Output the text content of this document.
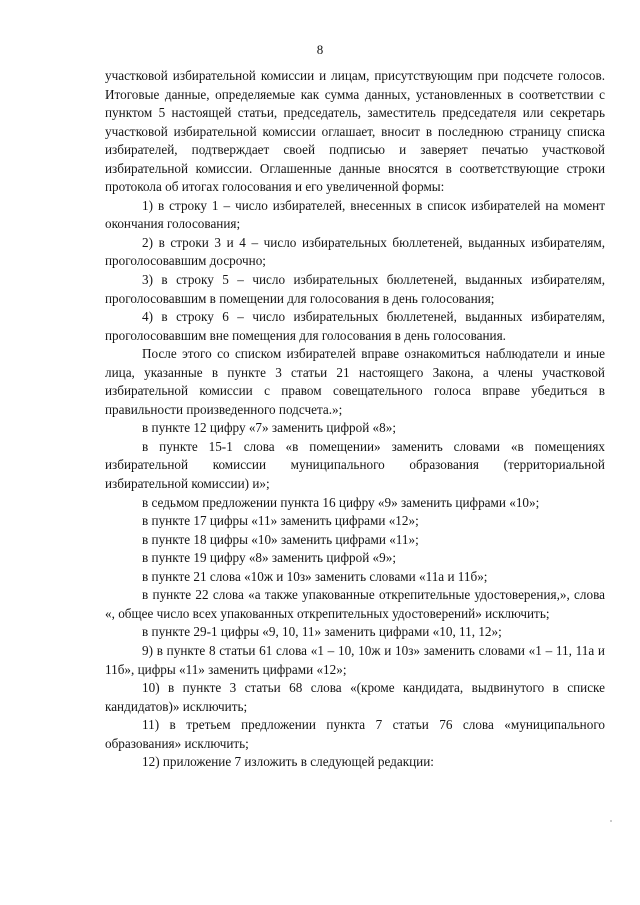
8

участковой избирательной комиссии и лицам, присутствующим при подсчете голосов. Итоговые данные, определяемые как сумма данных, установленных в соответствии с пунктом 5 настоящей статьи, председатель, заместитель председателя или секретарь участковой избирательной комиссии оглашает, вносит в последнюю страницу списка избирателей, подтверждает своей подписью и заверяет печатью участковой избирательной комиссии. Оглашенные данные вносятся в соответствующие строки протокола об итогах голосования и его увеличенной формы:

1) в строку 1 – число избирателей, внесенных в список избирателей на момент окончания голосования;

2) в строки 3 и 4 – число избирательных бюллетеней, выданных избирателям, проголосовавшим досрочно;

3) в строку 5 – число избирательных бюллетеней, выданных избирателям, проголосовавшим в помещении для голосования в день голосования;

4) в строку 6 – число избирательных бюллетеней, выданных избирателям, проголосовавшим вне помещения для голосования в день голосования.

После этого со списком избирателей вправе ознакомиться наблюдатели и иные лица, указанные в пункте 3 статьи 21 настоящего Закона, а члены участковой избирательной комиссии с правом совещательного голоса вправе убедиться в правильности произведенного подсчета.»;

в пункте 12 цифру «7» заменить цифрой «8»;

в пункте 15-1 слова «в помещении» заменить словами «в помещениях избирательной комиссии муниципального образования (территориальной избирательной комиссии) и»;

в седьмом предложении пункта 16 цифру «9» заменить цифрами «10»;

в пункте 17 цифры «11» заменить цифрами «12»;

в пункте 18 цифры «10» заменить цифрами «11»;

в пункте 19 цифру «8» заменить цифрой «9»;

в пункте 21 слова «10ж и 10з» заменить словами «11а и 11б»;

в пункте 22 слова «а также упакованные открепительные удостоверения,», слова «, общее число всех упакованных открепительных удостоверений» исключить;

в пункте 29-1 цифры «9, 10, 11» заменить цифрами «10, 11, 12»;

9) в пункте 8 статьи 61 слова «1 – 10, 10ж и 10з» заменить словами «1 – 11, 11а и 11б», цифры «11» заменить цифрами «12»;

10) в пункте 3 статьи 68 слова «(кроме кандидата, выдвинутого в списке кандидатов)» исключить;

11) в третьем предложении пункта 7 статьи 76 слова «муниципального образования» исключить;

12) приложение 7 изложить в следующей редакции:
